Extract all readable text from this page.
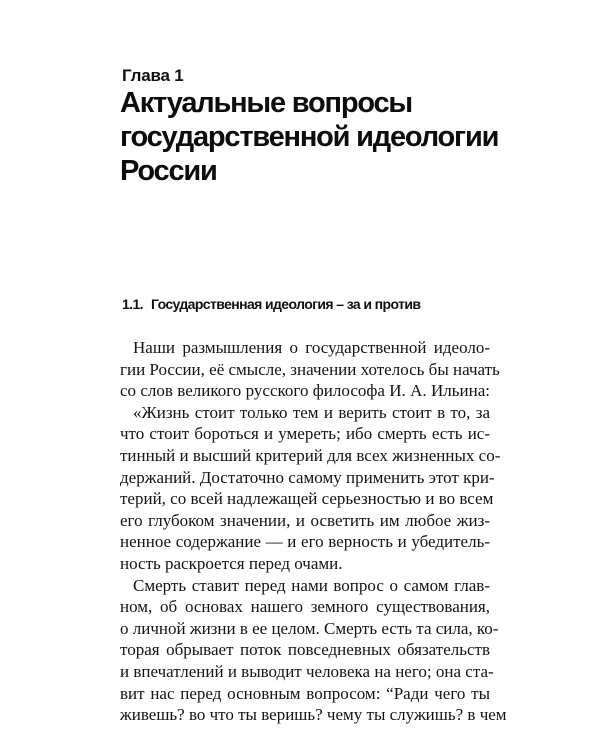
Глава 1
Актуальные вопросы
государственной идеологии
России
1.1. Государственная идеология – за и против
Наши размышления о государственной идеоло-
гии России, её смысле, значении хотелось бы начать
со слов великого русского философа И. А. Ильина:
«Жизнь стоит только тем и верить стоит в то, за
что стоит бороться и умереть; ибо смерть есть ис-
тинный и высший критерий для всех жизненных со-
держаний. Достаточно самому применить этот кри-
терий, со всей надлежащей серьезностью и во всем
его глубоком значении, и осветить им любое жиз-
ненное содержание — и его верность и убедитель-
ность раскроется перед очами.
Смерть ставит перед нами вопрос о самом глав-
ном, об основах нашего земного существования,
о личной жизни в ее целом. Смерть есть та сила, ко-
торая обрывает поток повседневных обязательств
и впечатлений и выводит человека на него; она ста-
вит нас перед основным вопросом: “Ради чего ты
живешь? во что ты веришь? чему ты служишь? в чем
